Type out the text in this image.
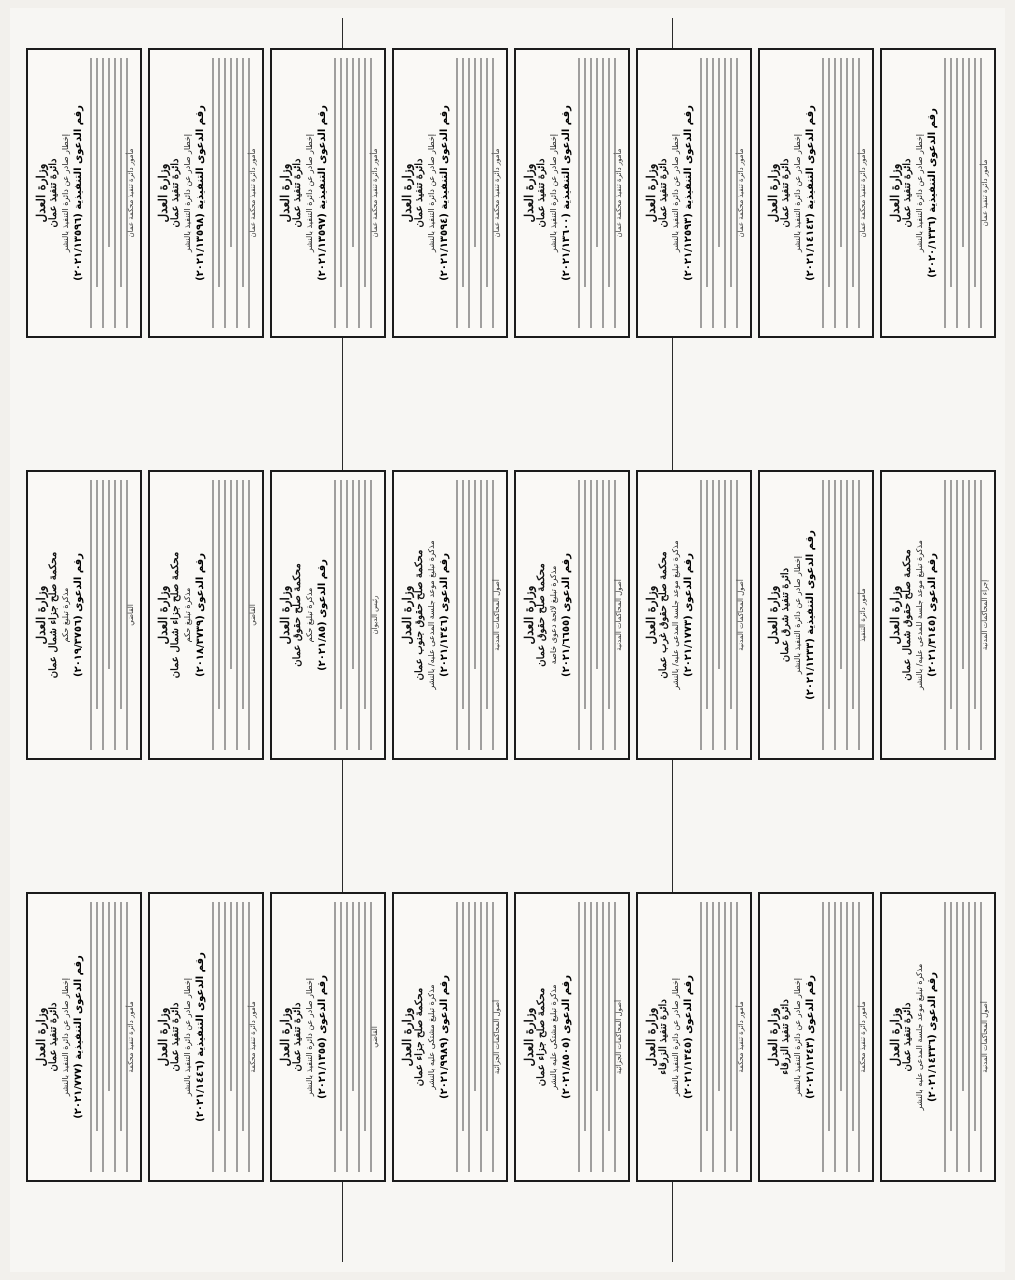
وزارة العدل دائرة تنفيذ عمان إخطار صادر عن دائرة التنفيذ بالنشر
رقم الدعوى التنفيذية (٢٠٢٠/١٣٣٦)	مأمور دائرة تنفيذ عمان
وزارة العدل محكمة صلح حقوق شمال عمان مذكرة تبليغ موعد جلسة للمدعى عليه/ بالنشر رقم الدعوى (٢٠٢١/٣١٤٥)	إجراء المحاكمات المدنية
وزارة العدل دائرة تنفيذ عمان مذكرة تبليغ موعد جلسة المدعى عليه بالنشر رقم الدعوى (٢٠٢١/١٤٣٣٦)	أصول المحاكمات المدنية
وزارة العدل دائرة تنفيذ عمان إخطار صادر عن دائرة التنفيذ بالنشر
رقم الدعوى التنفيذية (٢٠٢١/١٤١٤٣)	مأمور دائرة تنفيذ محكمة عمان
وزارة العدل دائرة تنفيذ شرق عمان إخطار صادر عن دائرة التنفيذ بالنشر
رقم الدعوى التنفيذية (٢٠٢١/١٢٣٣)	مأمور دائرة التنفيذ
وزارة العدل دائرة تنفيذ الزرقاء إخطار صادر عن دائرة التنفيذ بالنشر
رقم الدعوى (٢٠٢١/١٢٤٣)	مأمور دائرة تنفيذ محكمة
وزارة العدل دائرة تنفيذ عمان إخطار صادر عن دائرة التنفيذ بالنشر
رقم الدعوى التنفيذية (٢٠٢١/١٢٥٩٣)	مأمور دائرة تنفيذ محكمة عمان
وزارة العدل محكمة صلح حقوق غرب عمان مذكرة تبليغ موعد جلسة المدعى عليه/ بالنشر رقم الدعوى (٢٠٢١/١٧٧٣)	أصول المحاكمات المدنية
وزارة العدل دائرة تنفيذ الزرقاء إخطار صادر عن دائرة التنفيذ بالنشر
رقم الدعوى (٢٠٢١/١٣٤٥)	مأمور دائرة تنفيذ محكمة
وزارة العدل دائرة تنفيذ عمان إخطار صادر عن دائرة التنفيذ بالنشر
رقم الدعوى التنفيذية (٢٠٢١/١٣٦٠٠)	مأمور دائرة تنفيذ محكمة عمان
وزارة العدل محكمة صلح حقوق عمان مذكرة تبليغ لائحة دعوى خاصة
رقم الدعوى (٢٠٢١/٦٦٥٥)	أصول المحاكمات المدنية
وزارة العدل محكمة صلح جزاء عمان مذكرة تبليغ مشتكى عليه بالنشر
رقم الدعوى (٢٠٢١/٨٥٠٥)	أصول المحاكمات الجزائية
وزارة العدل دائرة تنفيذ عمان إخطار صادر عن دائرة التنفيذ بالنشر
رقم الدعوى التنفيذية (٢٠٢١/١٣٥٩٤)	مأمور دائرة تنفيذ محكمة عمان
وزارة العدل محكمة صلح حقوق جنوب عمان مذكرة تبليغ موعد جلسة المدعى عليه/ بالنشر رقم الدعوى (٢٠٢١/١٣٤٦)	أصول المحاكمات المدنية
وزارة العدل محكمة صلح جزاء عمان مذكرة تبليغ مشتكى عليه بالنشر
رقم الدعوى (٢٠٢١/٩٩٨٩)	أصول المحاكمات الجزائية
وزارة العدل دائرة تنفيذ عمان إخطار صادر عن دائرة التنفيذ بالنشر
رقم الدعوى التنفيذية (٢٠٢١/١٣٥٩٧)	مأمور دائرة تنفيذ محكمة عمان
وزارة العدل محكمة صلح حقوق عمان مذكرة تبليغ حكم
رقم الدعوى (٢٠٢١/٨٥)	رئيس الديوان
وزارة العدل دائرة تنفيذ عمان إخطار صادر عن دائرة التنفيذ بالنشر
رقم الدعوى (٢٠٢١/١٣٥٥)	القاضي
وزارة العدل دائرة تنفيذ عمان إخطار صادر عن دائرة التنفيذ بالنشر
رقم الدعوى التنفيذية (٢٠٢١/١٣٥٩٨)	مأمور دائرة تنفيذ محكمة عمان
وزارة العدل محكمة صلح جزاء شمال عمان مذكرة تبليغ حكم
رقم الدعوى (٢٠١٨/٣٧٣٩)	القاضي
وزارة العدل دائرة تنفيذ عمان إخطار صادر عن دائرة التنفيذ بالنشر
رقم الدعوى التنفيذية (٢٠٢١/١٤٤٦)	مأمور دائرة تنفيذ محكمة
وزارة العدل دائرة تنفيذ عمان إخطار صادر عن دائرة التنفيذ بالنشر
رقم الدعوى التنفيذية (٢٠٢١/١٣٥٩٦)	مأمور دائرة تنفيذ محكمة عمان
وزارة العدل محكمة صلح جزاء شمال عمان مذكرة تبليغ حكم
رقم الدعوى (٢٠١٩/٣٧٥٦)	القاضي
وزارة العدل دائرة تنفيذ عمان إخطار صادر عن دائرة التنفيذ بالنشر
رقم الدعوى التنفيذية (٢٠٢١/٧٧٧)	مأمور دائرة تنفيذ محكمة
